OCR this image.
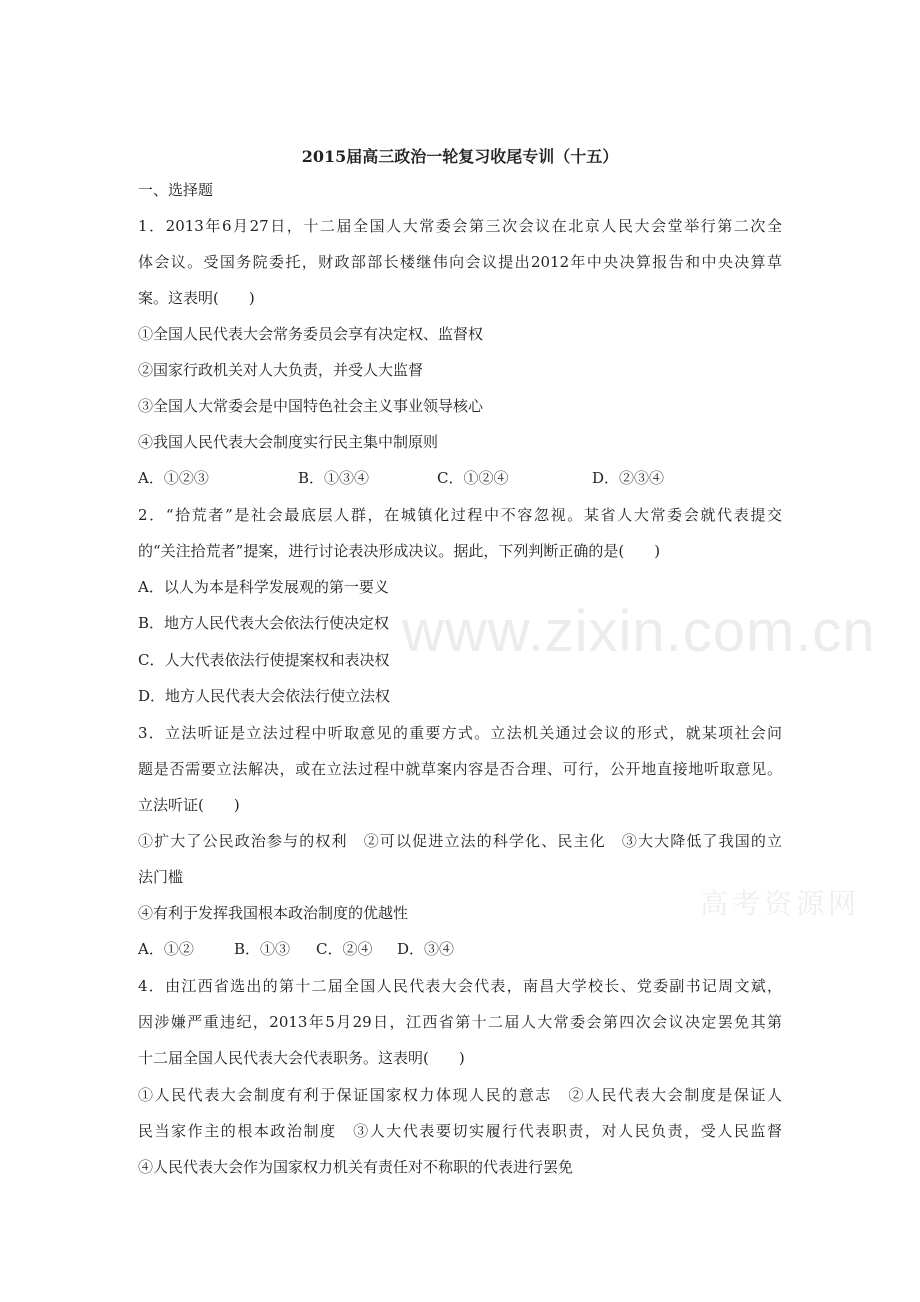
www.zixin.com.cn
高考资源网
2015届高三政治一轮复习收尾专训（十五）
一、选择题
1．2013年6月27日，十二届全国人大常委会第三次会议在北京人民大会堂举行第二次全
体会议。受国务院委托，财政部部长楼继伟向会议提出2012年中央决算报告和中央决算草
案。这表明(　　)
①全国人民代表大会常务委员会享有决定权、监督权
②国家行政机关对人大负责，并受人大监督
③全国人大常委会是中国特色社会主义事业领导核心
④我国人民代表大会制度实行民主集中制原则
A．①②③	B．①③④	C．①②④	D．②③④
2．“拾荒者”是社会最底层人群，在城镇化过程中不容忽视。某省人大常委会就代表提交
的“关注拾荒者”提案，进行讨论表决形成决议。据此，下列判断正确的是(　　)
A．以人为本是科学发展观的第一要义
B．地方人民代表大会依法行使决定权
C．人大代表依法行使提案权和表决权
D．地方人民代表大会依法行使立法权
3．立法听证是立法过程中听取意见的重要方式。立法机关通过会议的形式，就某项社会问
题是否需要立法解决，或在立法过程中就草案内容是否合理、可行，公开地直接地听取意见。
立法听证(　　)
①扩大了公民政治参与的权利　②可以促进立法的科学化、民主化　③大大降低了我国的立
法门槛
④有利于发挥我国根本政治制度的优越性
A．①②	B．①③ C．②④ D．③④
4．由江西省选出的第十二届全国人民代表大会代表，南昌大学校长、党委副书记周文斌，
因涉嫌严重违纪，2013年5月29日，江西省第十二届人大常委会第四次会议决定罢免其第
十二届全国人民代表大会代表职务。这表明(　　)
①人民代表大会制度有利于保证国家权力体现人民的意志　②人民代表大会制度是保证人
民当家作主的根本政治制度　③人大代表要切实履行代表职责，对人民负责，受人民监督
④人民代表大会作为国家权力机关有责任对不称职的代表进行罢免
